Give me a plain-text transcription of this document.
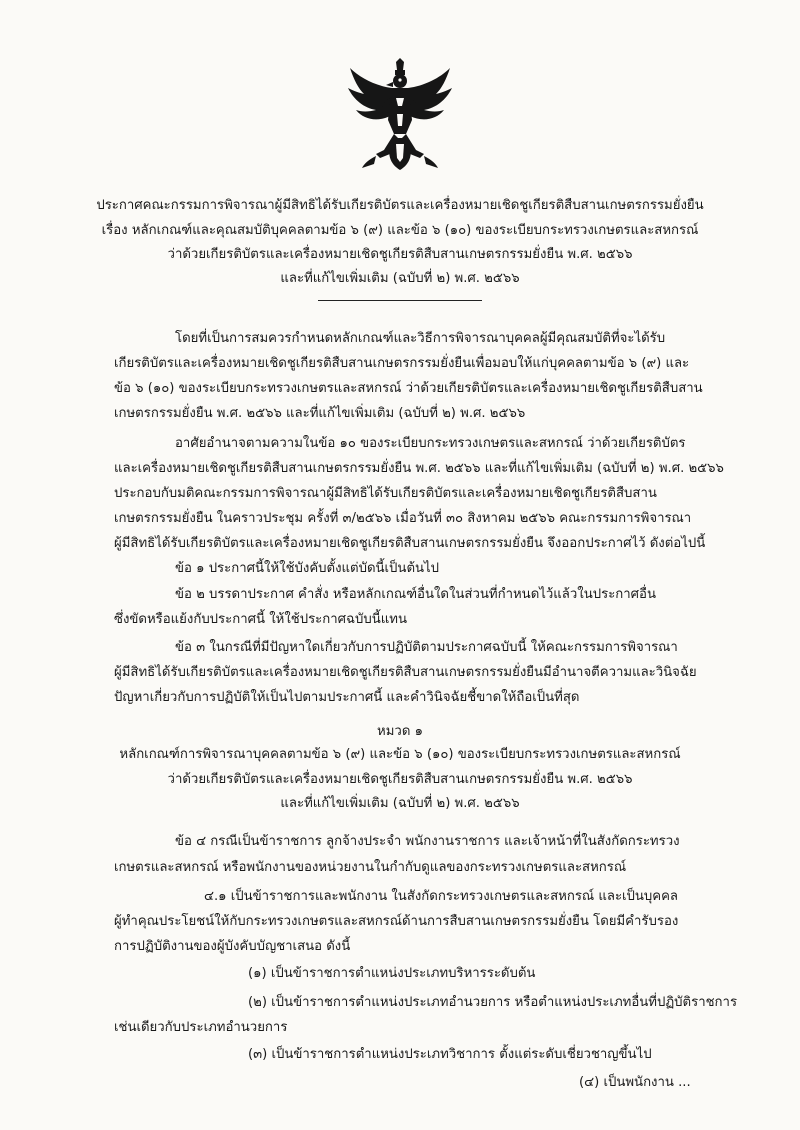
ประกาศคณะกรรมการพิจารณาผู้มีสิทธิได้รับเกียรติบัตรและเครื่องหมายเชิดชูเกียรติสืบสานเกษตรกรรมยั่งยืน
เรื่อง หลักเกณฑ์และคุณสมบัติบุคคลตามข้อ ๖ (๙) และข้อ ๖ (๑๐) ของระเบียบกระทรวงเกษตรและสหกรณ์
ว่าด้วยเกียรติบัตรและเครื่องหมายเชิดชูเกียรติสืบสานเกษตรกรรมยั่งยืน พ.ศ. ๒๕๖๖
และที่แก้ไขเพิ่มเติม (ฉบับที่ ๒) พ.ศ. ๒๕๖๖
โดยที่เป็นการสมควรกำหนดหลักเกณฑ์และวิธีการพิจารณาบุคคลผู้มีคุณสมบัติที่จะได้รับ
เกียรติบัตรและเครื่องหมายเชิดชูเกียรติสืบสานเกษตรกรรมยั่งยืนเพื่อมอบให้แก่บุคคลตามข้อ ๖ (๙) และ
ข้อ ๖ (๑๐) ของระเบียบกระทรวงเกษตรและสหกรณ์ ว่าด้วยเกียรติบัตรและเครื่องหมายเชิดชูเกียรติสืบสาน
เกษตรกรรมยั่งยืน พ.ศ. ๒๕๖๖ และที่แก้ไขเพิ่มเติม (ฉบับที่ ๒) พ.ศ. ๒๕๖๖
อาศัยอำนาจตามความในข้อ ๑๐ ของระเบียบกระทรวงเกษตรและสหกรณ์ ว่าด้วยเกียรติบัตร
และเครื่องหมายเชิดชูเกียรติสืบสานเกษตรกรรมยั่งยืน พ.ศ. ๒๕๖๖ และที่แก้ไขเพิ่มเติม (ฉบับที่ ๒) พ.ศ. ๒๕๖๖
ประกอบกับมติคณะกรรมการพิจารณาผู้มีสิทธิได้รับเกียรติบัตรและเครื่องหมายเชิดชูเกียรติสืบสาน
เกษตรกรรมยั่งยืน ในคราวประชุม ครั้งที่ ๓/๒๕๖๖ เมื่อวันที่ ๓๐ สิงหาคม ๒๕๖๖ คณะกรรมการพิจารณา
ผู้มีสิทธิได้รับเกียรติบัตรและเครื่องหมายเชิดชูเกียรติสืบสานเกษตรกรรมยั่งยืน จึงออกประกาศไว้ ดังต่อไปนี้
ข้อ ๑ ประกาศนี้ให้ใช้บังคับตั้งแต่บัดนี้เป็นต้นไป
ข้อ ๒ บรรดาประกาศ คำสั่ง หรือหลักเกณฑ์อื่นใดในส่วนที่กำหนดไว้แล้วในประกาศอื่น
ซึ่งขัดหรือแย้งกับประกาศนี้ ให้ใช้ประกาศฉบับนี้แทน
ข้อ ๓ ในกรณีที่มีปัญหาใดเกี่ยวกับการปฏิบัติตามประกาศฉบับนี้ ให้คณะกรรมการพิจารณา
ผู้มีสิทธิได้รับเกียรติบัตรและเครื่องหมายเชิดชูเกียรติสืบสานเกษตรกรรมยั่งยืนมีอำนาจตีความและวินิจฉัย
ปัญหาเกี่ยวกับการปฏิบัติให้เป็นไปตามประกาศนี้ และคำวินิจฉัยชี้ขาดให้ถือเป็นที่สุด
หมวด ๑
หลักเกณฑ์การพิจารณาบุคคลตามข้อ ๖ (๙) และข้อ ๖ (๑๐) ของระเบียบกระทรวงเกษตรและสหกรณ์
ว่าด้วยเกียรติบัตรและเครื่องหมายเชิดชูเกียรติสืบสานเกษตรกรรมยั่งยืน พ.ศ. ๒๕๖๖
และที่แก้ไขเพิ่มเติม (ฉบับที่ ๒) พ.ศ. ๒๕๖๖
ข้อ ๔ กรณีเป็นข้าราชการ ลูกจ้างประจำ พนักงานราชการ และเจ้าหน้าที่ในสังกัดกระทรวง
เกษตรและสหกรณ์ หรือพนักงานของหน่วยงานในกำกับดูแลของกระทรวงเกษตรและสหกรณ์
๔.๑ เป็นข้าราชการและพนักงาน ในสังกัดกระทรวงเกษตรและสหกรณ์ และเป็นบุคคล
ผู้ทำคุณประโยชน์ให้กับกระทรวงเกษตรและสหกรณ์ด้านการสืบสานเกษตรกรรมยั่งยืน โดยมีคำรับรอง
การปฏิบัติงานของผู้บังคับบัญชาเสนอ ดังนี้
(๑) เป็นข้าราชการตำแหน่งประเภทบริหารระดับต้น
(๒) เป็นข้าราชการตำแหน่งประเภทอำนวยการ หรือตำแหน่งประเภทอื่นที่ปฏิบัติราชการ
เช่นเดียวกับประเภทอำนวยการ
(๓) เป็นข้าราชการตำแหน่งประเภทวิชาการ ตั้งแต่ระดับเชี่ยวชาญขึ้นไป
(๔) เป็นพนักงาน ...
